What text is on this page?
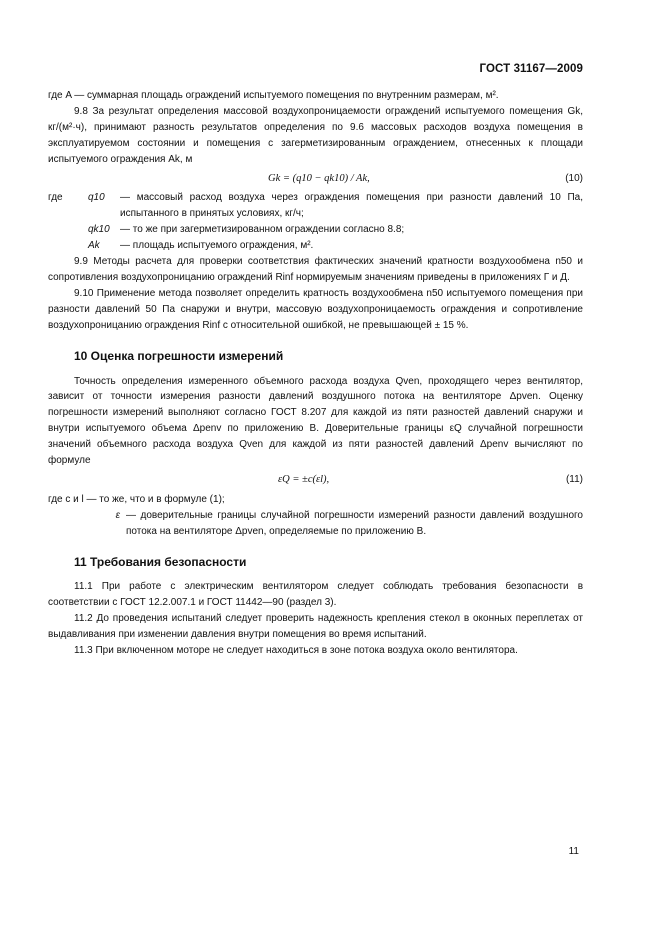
ГОСТ 31167—2009
где A — суммарная площадь ограждений испытуемого помещения по внутренним размерам, м².
9.8 За результат определения массовой воздухопроницаемости ограждений испытуемого помещения Gk, кг/(м²·ч), принимают разность результатов определения по 9.6 массовых расходов воздуха помещения в эксплуатируемом состоянии и помещения с загерметизированным ограждением, отнесенных к площади испытуемого ограждения Ak, м
Gk = (q10 − qk10) / Ak,	(10)
где	q10	— массовый расход воздуха через ограждения помещения при разности давлений 10 Па, испытанного в принятых условиях, кг/ч;
qk10	— то же при загерметизированном ограждении согласно 8.8;
Ak	— площадь испытуемого ограждения, м².
9.9 Методы расчета для проверки соответствия фактических значений кратности воздухообмена n50 и сопротивления воздухопроницанию ограждений Rinf нормируемым значениям приведены в приложениях Г и Д.
9.10 Применение метода позволяет определить кратность воздухообмена n50 испытуемого помещения при разности давлений 50 Па снаружи и внутри, массовую воздухопроницаемость ограждения и сопротивление воздухопроницанию ограждения Rinf с относительной ошибкой, не превышающей ± 15 %.
10 Оценка погрешности измерений
Точность определения измеренного объемного расхода воздуха Qven, проходящего через вентилятор, зависит от точности измерения разности давлений воздушного потока на вентиляторе Δpven. Оценку погрешности измерений выполняют согласно ГОСТ 8.207 для каждой из пяти разностей давлений снаружи и внутри испытуемого объема Δpenv по приложению В. Доверительные границы εQ случайной погрешности значений объемного расхода воздуха Qven для каждой из пяти разностей давлений Δpenv вычисляют по формуле
εQ = ±c(εl),	(11)
где c и l — то же, что и в формуле (1);
ε — доверительные границы случайной погрешности измерений разности давлений воздушного потока на вентиляторе Δpven, определяемые по приложению В.
11 Требования безопасности
11.1 При работе с электрическим вентилятором следует соблюдать требования безопасности в соответствии с ГОСТ 12.2.007.1 и ГОСТ 11442—90 (раздел 3).
11.2 До проведения испытаний следует проверить надежность крепления стекол в оконных переплетах от выдавливания при изменении давления внутри помещения во время испытаний.
11.3 При включенном моторе не следует находиться в зоне потока воздуха около вентилятора.
11
